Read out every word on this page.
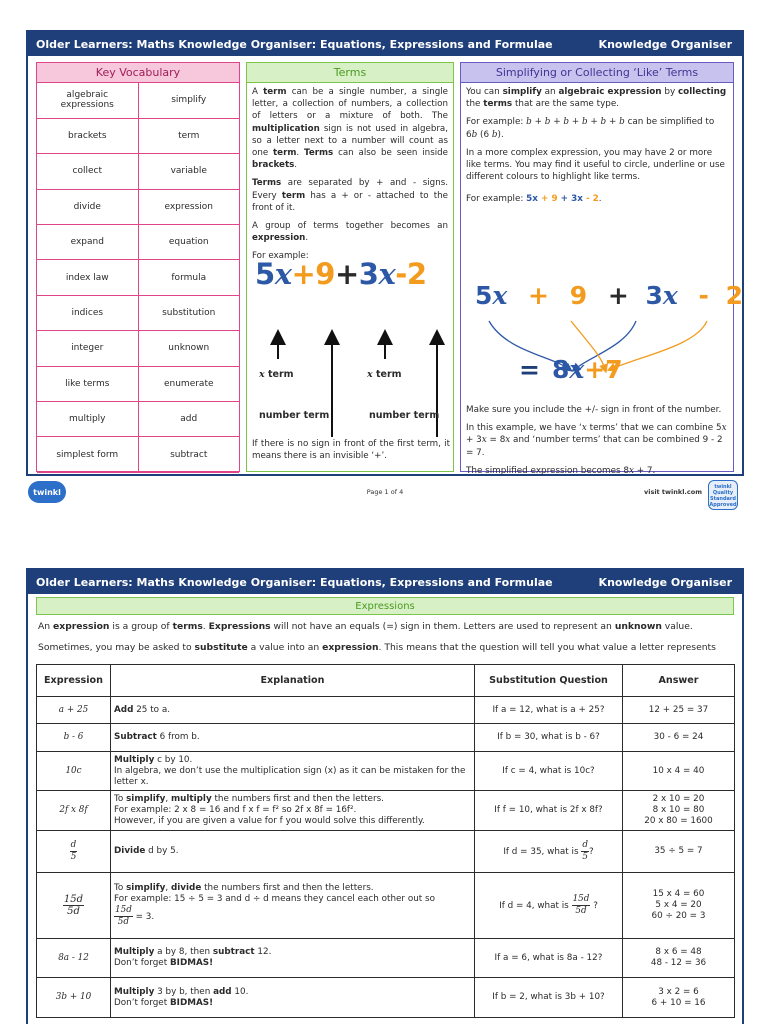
Older Learners: Maths Knowledge Organiser: Equations, Expressions and Formulae	Knowledge Organiser
Key Vocabulary
algebraic expressions	simplify
brackets	term
collect	variable
divide	expression
expand	equation
index law	formula
indices	substitution
integer	unknown
like terms	enumerate
multiply	add
simplest form	subtract
Terms

A term can be a single number, a single letter, a collection of numbers, a collection of letters or a mixture of both. The multiplication sign is not used in algebra, so a letter next to a number will count as one term. Terms can also be seen inside brackets.

Terms are separated by + and - signs. Every term has a + or - attached to the front of it.

A group of terms together becomes an expression.

For example:

5x+9+3x-2
x term	x term
number term	number term
If there is no sign in front of the first term, it means there is an invisible ‘+’.
Simplifying or Collecting ‘Like’ Terms

You can simplify an algebraic expression by collecting the terms that are the same type.

For example: b + b + b + b + b + b can be simplified to 6b (6 b).

In a more complex expression, you may have 2 or more like terms. You may find it useful to circle, underline or use different colours to highlight like terms.

For example: 5x + 9 + 3x - 2.

5x + 9 + 3x - 2
= 8x+7

Make sure you include the +/- sign in front of the number.

In this example, we have ‘x terms’ that we can combine 5x + 3x = 8x and ‘number terms’ that can be combined 9 - 2 = 7.

The simplified expression becomes 8x + 7.

twinkl	Page 1 of 4	visit twinkl.com
twinkl Quality Standard Approved
Older Learners: Maths Knowledge Organiser: Equations, Expressions and Formulae	Knowledge Organiser
Expressions

An expression is a group of terms. Expressions will not have an equals (=) sign in them. Letters are used to represent an unknown value.

Sometimes, you may be asked to substitute a value into an expression. This means that the question will tell you what value a letter represents

Expression	Explanation	Substitution Question	Answer
a + 25	Add 25 to a.	If a = 12, what is a + 25?	12 + 25 = 37
b - 6	Subtract 6 from b.	If b = 30, what is b - 6?	30 - 6 = 24
10c	Multiply c by 10.
In algebra, we don’t use the multiplication sign (x) as it can be mistaken for the letter x.	If c = 4, what is 10c?	10 x 4 = 40
2f x 8f	To simplify, multiply the numbers first and then the letters.
For example: 2 x 8 = 16 and f x f = f² so 2f x 8f = 16f².
However, if you are given a value for f you would solve this differently.	If f = 10, what is 2f x 8f?	2 x 10 = 20
8 x 10 = 80
20 x 80 = 1600

$\frac{d}{5}$	Divide d by 5.	If d = 35, what is $\frac{d}{5}$ ?	35 ÷ 5 = 7

$\frac{15d}{5d}$	To simplify, divide the numbers first and then the letters.
For example: 15 ÷ 5 = 3 and d ÷ d means they cancel each other out so

$\frac{15d}{5d} = 3$.	If d = 4, what is $\frac{15d}{5d}$ ?	15 x 4 = 60
5 x 4 = 20
60 ÷ 20 = 3
8a - 12	Multiply a by 8, then subtract 12.
Don’t forget BIDMAS!	If a = 6, what is 8a - 12?	8 x 6 = 48
48 - 12 = 36
3b + 10	Multiply 3 by b, then add 10.
Don’t forget BIDMAS!	If b = 2, what is 3b + 10?	3 x 2 = 6
6 + 10 = 16
